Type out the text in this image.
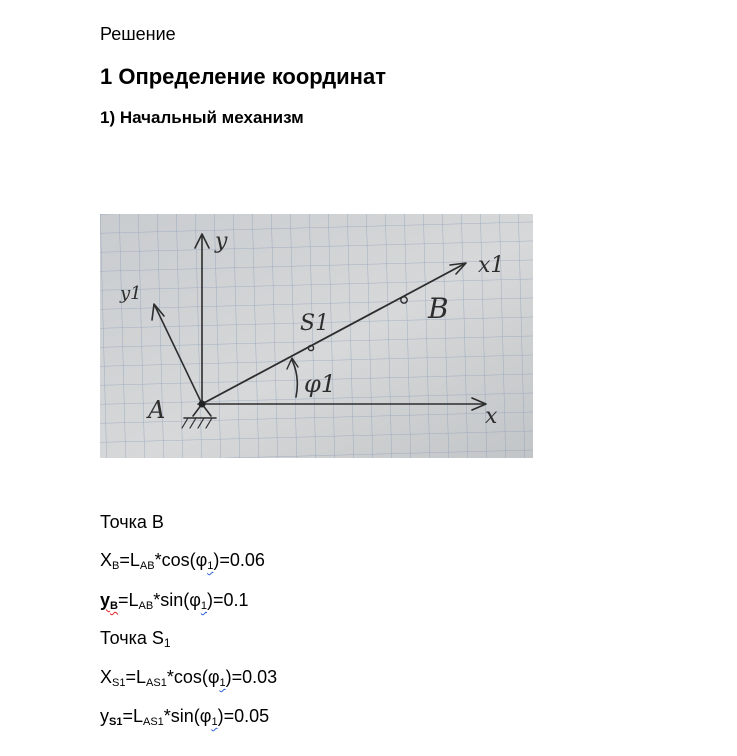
Решение

1 Определение координат

1) Начальный механизм

y
y1
x
x1
A
B
S1
φ1

Точка B

$X_B=L_{AB}*\cos(\varphi_1)=0.06$

$y_B=L_{AB}*\sin(\varphi_1)=0.1$

Точка $S_1$

$X_{S1}=L_{AS1}*\cos(\varphi_1)=0.03$

$y_{S1}=L_{AS1}*\sin(\varphi_1)=0.05$
